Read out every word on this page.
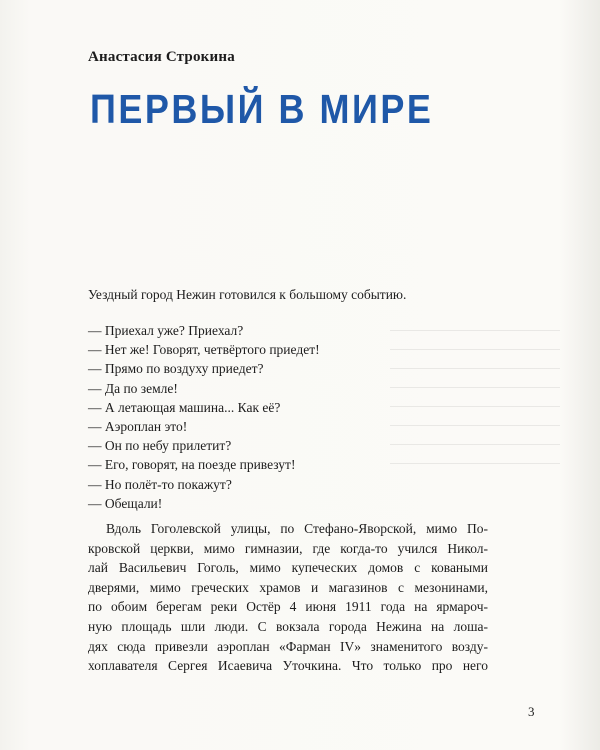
Анастасия Строкина
ПЕРВЫЙ В МИРЕ
Уездный город Нежин готовился к большому событию.
— Приехал уже? Приехал?
— Нет же! Говорят, четвёртого приедет!
— Прямо по воздуху приедет?
— Да по земле!
— А летающая машина... Как её?
— Аэроплан это!
— Он по небу прилетит?
— Его, говорят, на поезде привезут!
— Но полёт-то покажут?
— Обещали!
Вдоль Гоголевской улицы, по Стефано-Яворской, мимо По-
кровской церкви, мимо гимназии, где когда-то учился Никол-
лай Васильевич Гоголь, мимо купеческих домов с коваными
дверями, мимо греческих храмов и магазинов с мезонинами,
по обоим берегам реки Остёр 4 июня 1911 года на ярмароч-
ную площадь шли люди. С вокзала города Нежина на лоша-
дях сюда привезли аэроплан «Фарман IV» знаменитого возду-
хоплавателя Сергея Исаевича Уточкина. Что только про него
3
